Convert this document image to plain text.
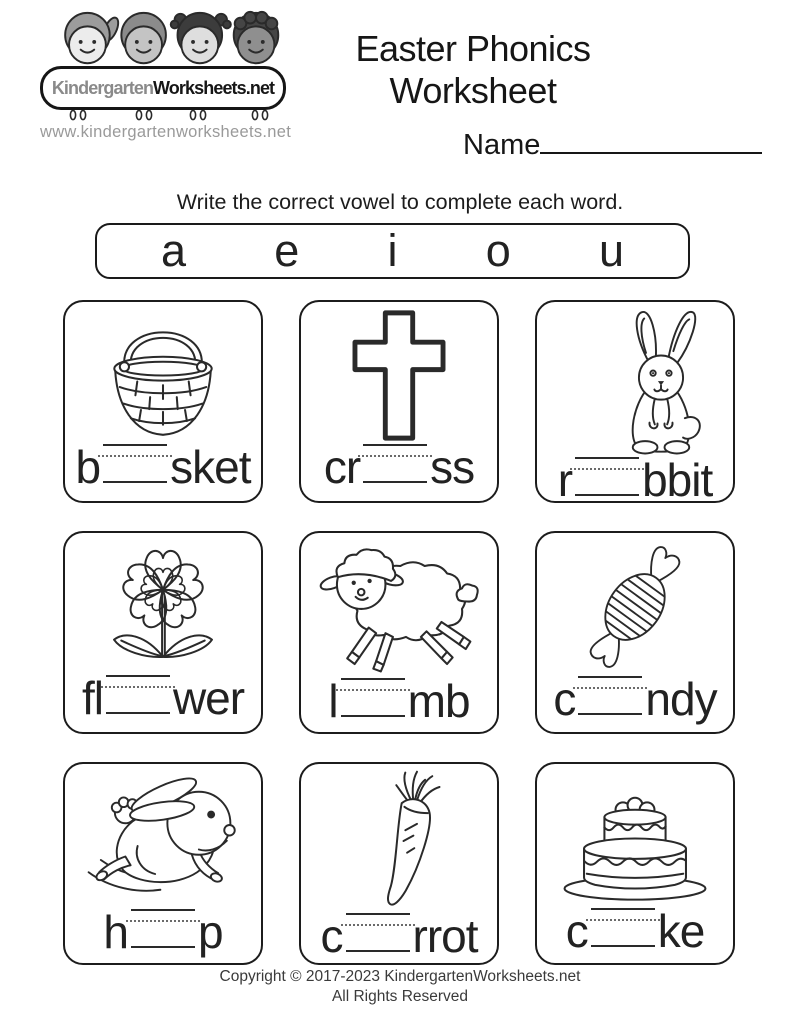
Kindergarten Worksheets.net
www.kindergartenworksheets.net
Easter Phonics Worksheet
Name
Write the correct vowel to complete each word.
a e i o u
b sket cr ss r bbit
fl wer l mb c ndy
h p c rrot c ke
Copyright © 2017-2023 KindergartenWorksheets.net
All Rights Reserved
